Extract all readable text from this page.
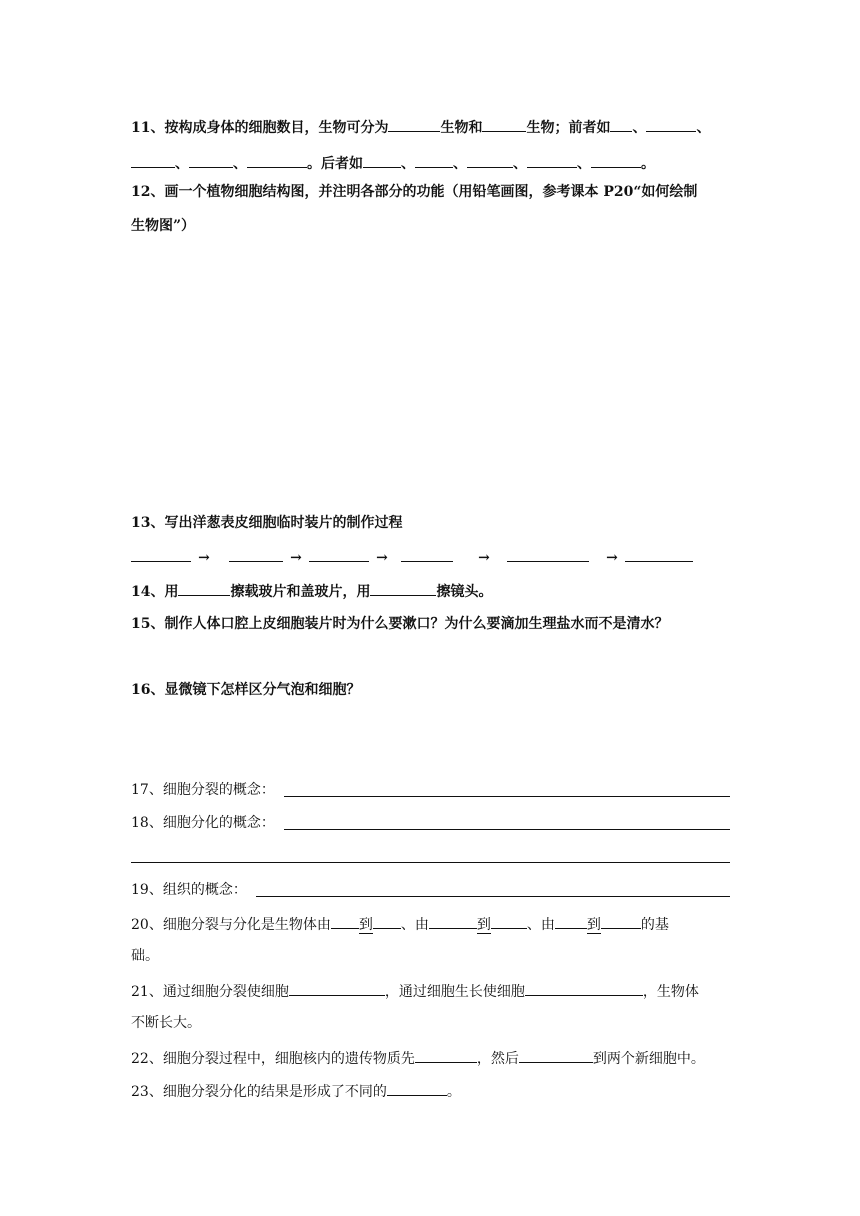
11、按构成身体的细胞数目，生物可分为	生物和	生物；前者如 、	、
、	、	。后者如	、	、	、	、	。
12、画一个植物细胞结构图，并注明各部分的功能（用铅笔画图，参考课本 P20“如何绘制
生物图”）
13、写出洋葱表皮细胞临时装片的制作过程
→	→	→	→	→
14、用	擦载玻片和盖玻片，用	擦镜头。
15、制作人体口腔上皮细胞装片时为什么要漱口？为什么要滴加生理盐水而不是清水？
16、显微镜下怎样区分气泡和细胞？
17、细胞分裂的概念：
18、细胞分化的概念：
19、组织的概念：
20、细胞分裂与分化是生物体由 到 、由	到	、由 到	的基
础。
21、通过细胞分裂使细胞	，通过细胞生长使细胞	，生物体
不断长大。
22、细胞分裂过程中，细胞核内的遗传物质先	，然后	到两个新细胞中。
23、细胞分裂分化的结果是形成了不同的	。
